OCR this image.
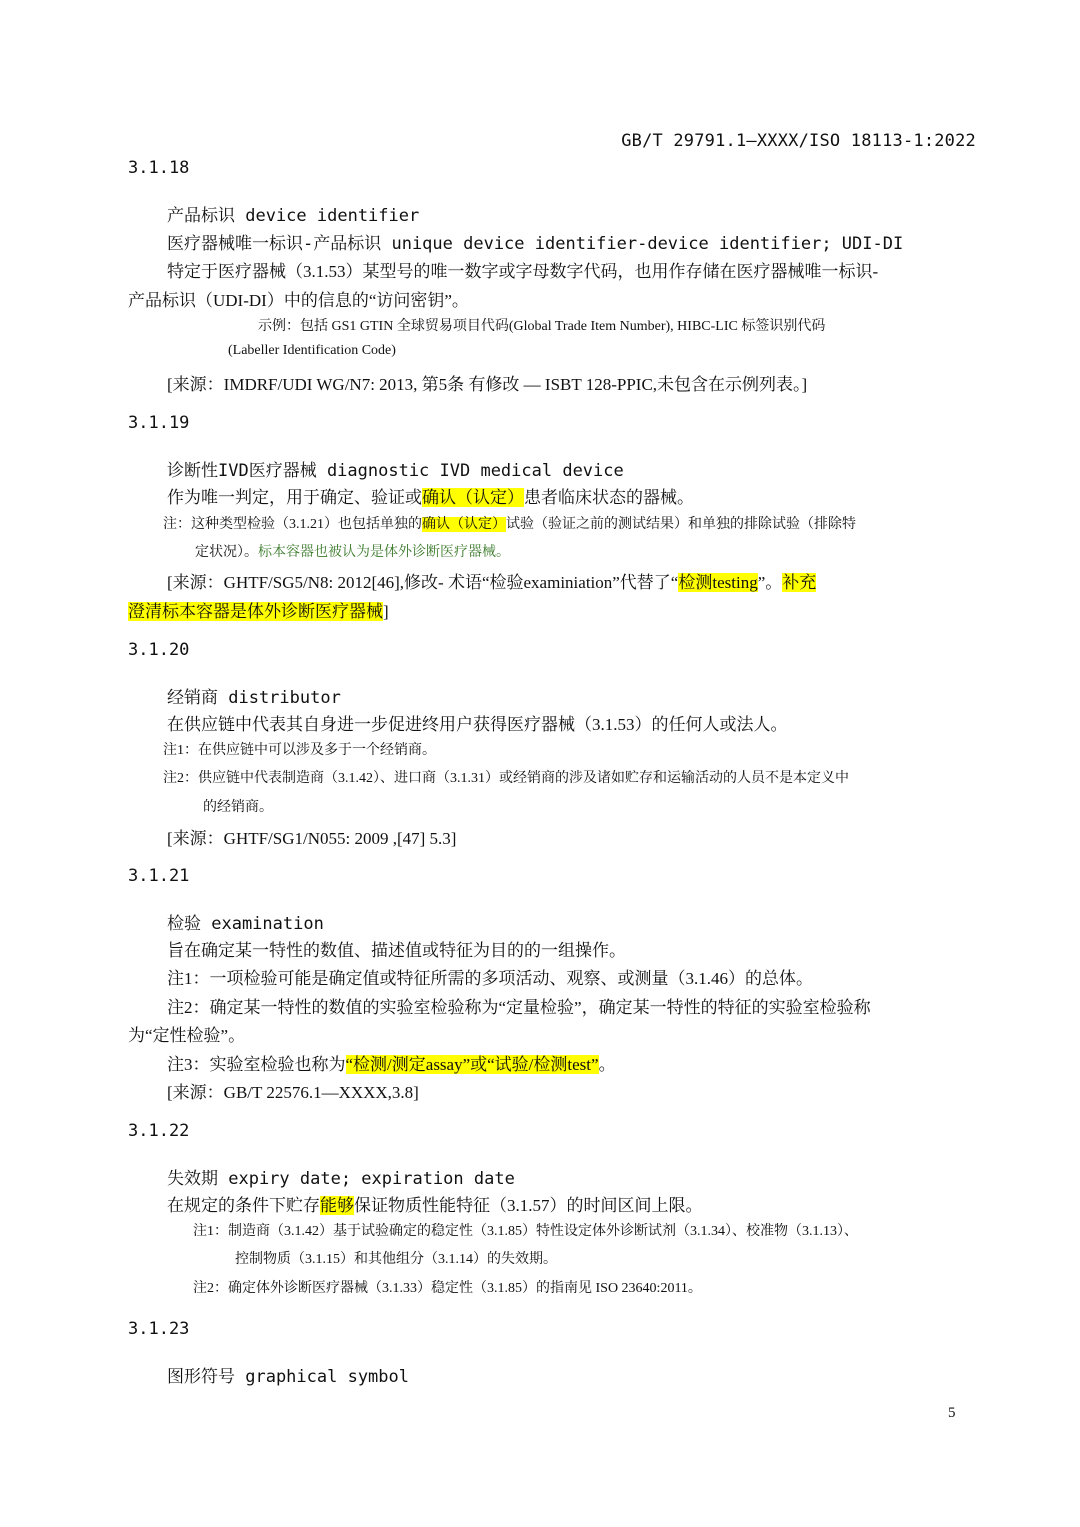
GB/T 29791.1—XXXX/ISO 18113-1:2022
3.1.18
产品标识 device identifier
医疗器械唯一标识-产品标识 unique device identifier-device identifier; UDI-DI
特定于医疗器械（3.1.53）某型号的唯一数字或字母数字代码，也用作存储在医疗器械唯一标识-
产品标识（UDI-DI）中的信息的“访问密钥”。
示例：包括 GS1 GTIN 全球贸易项目代码(Global Trade Item Number), HIBC-LIC 标签识别代码
(Labeller Identification Code)
[来源：IMDRF/UDI WG/N7: 2013, 第5条 有修改 — ISBT 128-PPIC,未包含在示例列表。]
3.1.19
诊断性IVD医疗器械 diagnostic IVD medical device
作为唯一判定，用于确定、验证或确认（认定）患者临床状态的器械。
注：这种类型检验（3.1.21）也包括单独的确认（认定）试验（验证之前的测试结果）和单独的排除试验（排除特
定状况）。标本容器也被认为是体外诊断医疗器械。
[来源：GHTF/SG5/N8: 2012[46],修改- 术语“检验examiniation”代替了“检测testing”。补充
澄清标本容器是体外诊断医疗器械]
3.1.20
经销商 distributor
在供应链中代表其自身进一步促进终用户获得医疗器械（3.1.53）的任何人或法人。
注1：在供应链中可以涉及多于一个经销商。
注2：供应链中代表制造商（3.1.42）、进口商（3.1.31）或经销商的涉及诸如贮存和运输活动的人员不是本定义中
的经销商。
[来源：GHTF/SG1/N055: 2009 ,[47] 5.3]
3.1.21
检验 examination
旨在确定某一特性的数值、描述值或特征为目的的一组操作。
注1：一项检验可能是确定值或特征所需的多项活动、观察、或测量（3.1.46）的总体。
注2：确定某一特性的数值的实验室检验称为“定量检验”，确定某一特性的特征的实验室检验称
为“定性检验”。
注3：实验室检验也称为“检测/测定assay”或“试验/检测test”。
[来源：GB/T 22576.1—XXXX,3.8]
3.1.22
失效期 expiry date; expiration date
在规定的条件下贮存能够保证物质性能特征（3.1.57）的时间区间上限。
注1：制造商（3.1.42）基于试验确定的稳定性（3.1.85）特性设定体外诊断试剂（3.1.34）、校准物（3.1.13）、
控制物质（3.1.15）和其他组分（3.1.14）的失效期。
注2：确定体外诊断医疗器械（3.1.33）稳定性（3.1.85）的指南见 ISO 23640:2011。
3.1.23
图形符号 graphical symbol
5
